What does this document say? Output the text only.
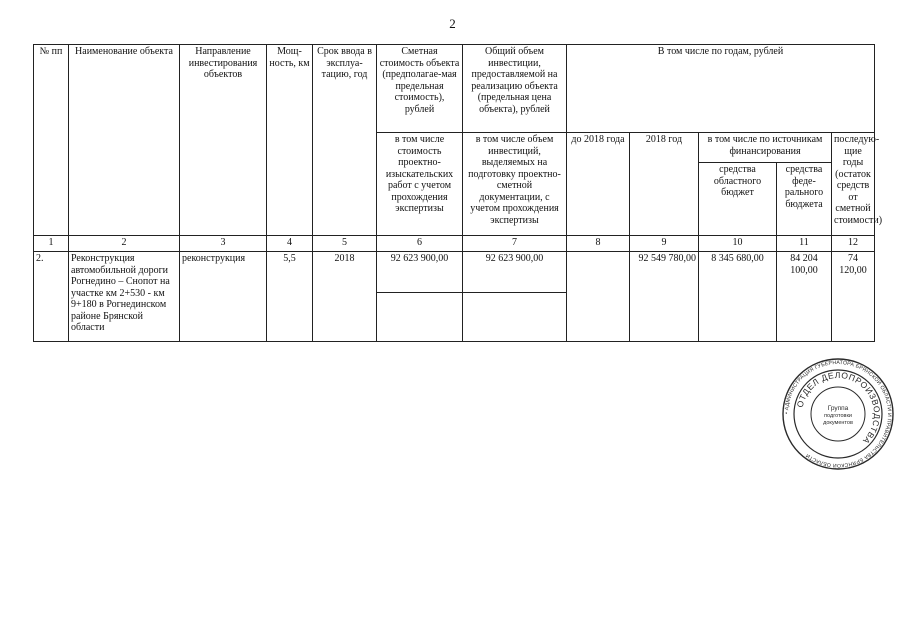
2
№ пп	Наименование объекта	Направление инвестирования объектов	Мощ-ность, км	Срок ввода в эксплуа-тацию, год	Сметная стоимость объекта (предполагае-мая предельная стоимость), рублей	Общий объем инвестиции, предоставляемой на реализацию объекта (предельная цена объекта), рублей	В том числе по годам, рублей				
					в том числе стоимость проектно-изыскательских работ с учетом прохождения экспертизы	в том числе объем инвестиций, выделяемых на подготовку проектно-сметной документации, с учетом прохождения экспертизы	до 2018 года	2018 год	в том числе по источникам финансирования		последую-щие годы (остаток средств от сметной стоимости)
									средства областного бюджет	средства феде-рального бюджета	
1	2	3	4	5	6	7	8	9	10	11	12
2.	Реконструкция автомобильной дороги Рогнедино – Снопот на участке км 2+530 - км 9+180 в Рогнединском районе Брянской области	реконструкция	5,5	2018	92 623 900,00	92 623 900,00		92 549 780,00	8 345 680,00	84 204 100,00	74 120,00

• АДМИНИСТРАЦИЯ ГУБЕРНАТОРА БРЯНСКОЙ ОБЛАСТИ И ПРАВИТЕЛЬСТВА БРЯНСКОЙ ОБЛАСТИ
ОТДЕЛ ДЕЛОПРОИЗВОДСТВА
Группа
подготовки
документов
